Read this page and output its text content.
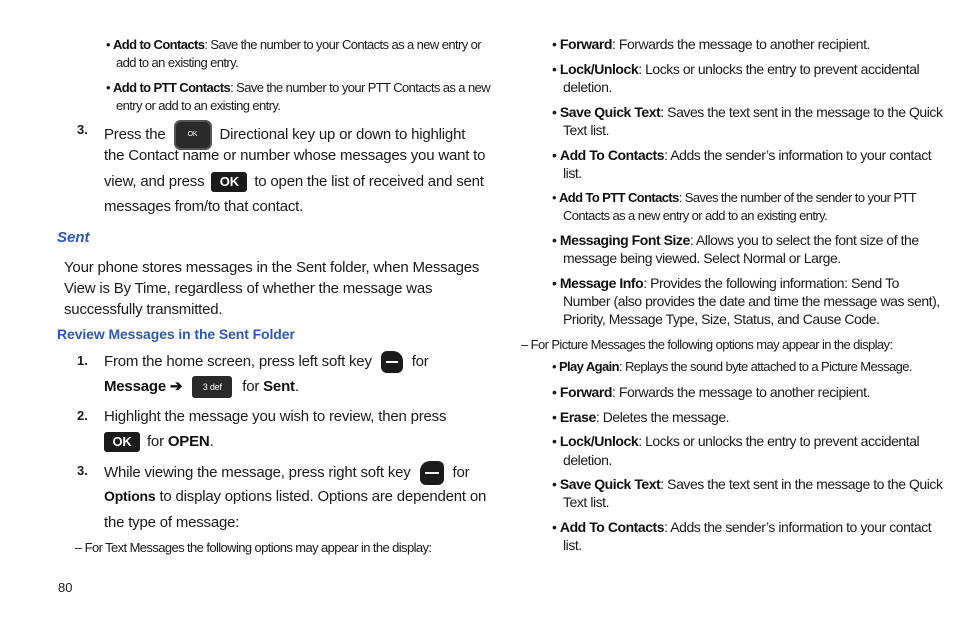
• Add to Contacts: Save the number to your Contacts as a new entry or
add to an existing entry.
• Add to PTT Contacts: Save the number to your PTT Contacts as a new
entry or add to an existing entry.
3. Press the	OK Directional key up or down to highlight
the Contact name or number whose messages you want to
view, and press OK to open the list of received and sent
messages from/to that contact.
Sent
Your phone stores messages in the Sent folder, when Messages
View is By Time, regardless of whether the message was
successfully transmitted.
Review Messages in the Sent Folder
1. From the home screen, press left soft key	for
Message ➔ 3 def for Sent.
2. Highlight the message you wish to review, then press
OK for OPEN.
3. While viewing the message, press right soft key	for
Options to display options listed. Options are dependent on
the type of message:
– For Text Messages the following options may appear in the display:
• Forward: Forwards the message to another recipient.
• Lock/Unlock: Locks or unlocks the entry to prevent accidental
deletion.
• Save Quick Text: Saves the text sent in the message to the Quick
Text list.
• Add To Contacts: Adds the sender’s information to your contact
list.
• Add To PTT Contacts: Saves the number of the sender to your PTT
Contacts as a new entry or add to an existing entry.
• Messaging Font Size: Allows you to select the font size of the
message being viewed. Select Normal or Large.
• Message Info: Provides the following information: Send To
Number (also provides the date and time the message was sent),
Priority, Message Type, Size, Status, and Cause Code.
– For Picture Messages the following options may appear in the display:
• Play Again: Replays the sound byte attached to a Picture Message.
• Forward: Forwards the message to another recipient.
• Erase: Deletes the message.
• Lock/Unlock: Locks or unlocks the entry to prevent accidental
deletion.
• Save Quick Text: Saves the text sent in the message to the Quick
Text list.
• Add To Contacts: Adds the sender’s information to your contact
list.
80
